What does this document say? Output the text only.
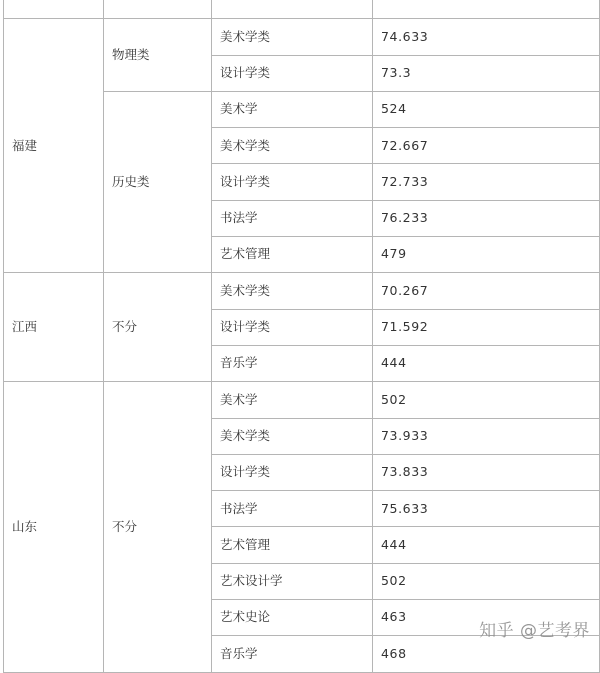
福建	物理类	美术学类	74.633
		设计学类	73.3
	历史类	美术学	524
		美术学类	72.667
		设计学类	72.733
		书法学	76.233
		艺术管理	479
江西	不分	美术学类	70.267
		设计学类	71.592
		音乐学	444
山东	不分	美术学	502
		美术学类	73.933
		设计学类	73.833
		书法学	75.633
		艺术管理	444
		艺术设计学	502
		艺术史论	463
		音乐学	468
知乎 @艺考界
